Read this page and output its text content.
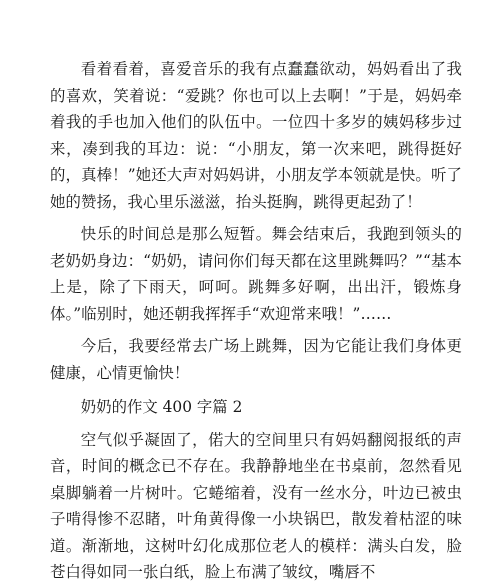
看着看着，喜爱音乐的我有点蠢蠢欲动，妈妈看出了我的喜欢，笑着说：“爱跳？你也可以上去啊！”于是，妈妈牵着我的手也加入他们的队伍中。一位四十多岁的姨妈移步过来，凑到我的耳边：说：“小朋友，第一次来吧，跳得挺好的，真棒！”她还大声对妈妈讲，小朋友学本领就是快。听了她的赞扬，我心里乐滋滋，抬头挺胸，跳得更起劲了！

快乐的时间总是那么短暂。舞会结束后，我跑到领头的老奶奶身边：“奶奶，请问你们每天都在这里跳舞吗？”“基本上是，除了下雨天，呵呵。跳舞多好啊，出出汗，锻炼身体。”临别时，她还朝我挥挥手“欢迎常来哦！”……

今后，我要经常去广场上跳舞，因为它能让我们身体更健康，心情更愉快！

奶奶的作文 400 字篇 2

空气似乎凝固了，偌大的空间里只有妈妈翻阅报纸的声音，时间的概念已不存在。我静静地坐在书桌前，忽然看见桌脚躺着一片树叶。它蜷缩着，没有一丝水分，叶边已被虫子啃得惨不忍睹，叶角黄得像一小块锅巴，散发着枯涩的味道。渐渐地，这树叶幻化成那位老人的模样：满头白发，脸苍白得如同一张白纸，脸上布满了皱纹，嘴唇不
